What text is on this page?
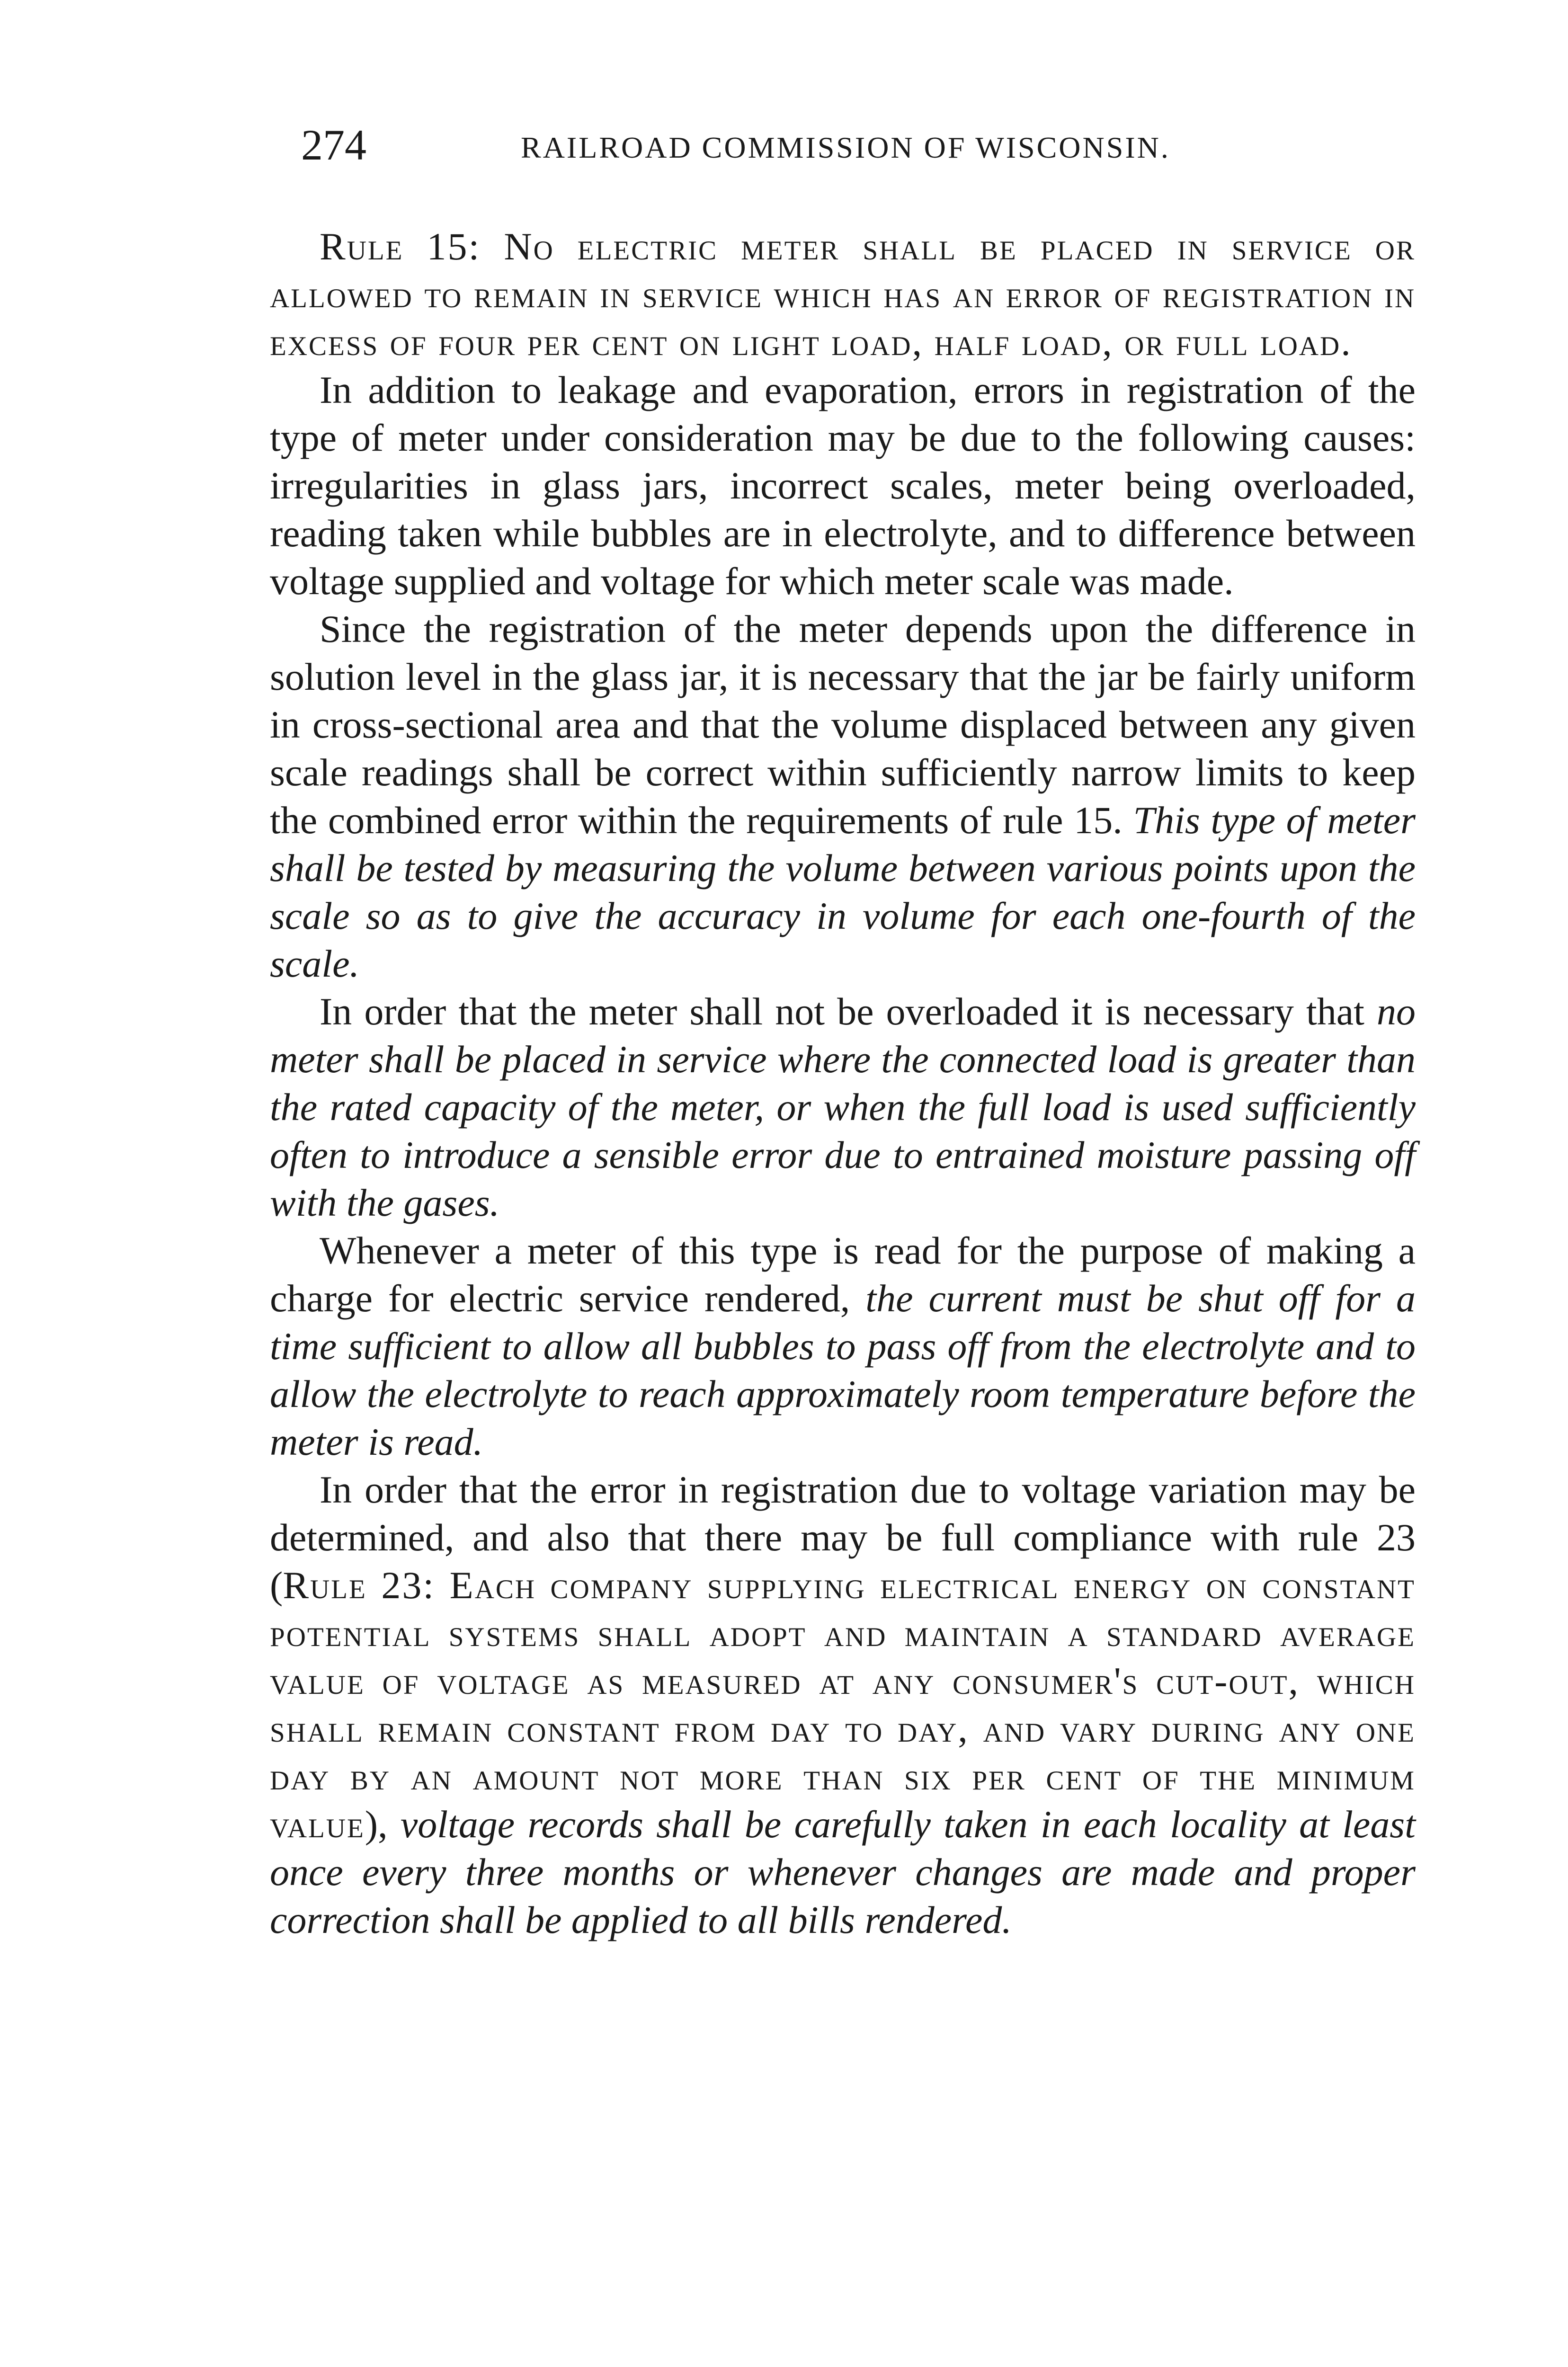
274	RAILROAD COMMISSION OF WISCONSIN.

Rule 15: No electric meter shall be placed in service or allowed to remain in service which has an error of registration in excess of four per cent on light load, half load, or full load.

In addition to leakage and evaporation, errors in registration of the type of meter under consideration may be due to the following causes: irregularities in glass jars, incorrect scales, meter being overloaded, reading taken while bubbles are in electrolyte, and to difference between voltage supplied and voltage for which meter scale was made.

Since the registration of the meter depends upon the difference in solution level in the glass jar, it is necessary that the jar be fairly uniform in cross-sectional area and that the volume displaced between any given scale readings shall be correct within sufficiently narrow limits to keep the combined error within the requirements of rule 15. This type of meter shall be tested by measuring the volume between various points upon the scale so as to give the accuracy in volume for each one-fourth of the scale.

In order that the meter shall not be overloaded it is necessary that no meter shall be placed in service where the connected load is greater than the rated capacity of the meter, or when the full load is used sufficiently often to introduce a sensible error due to entrained moisture passing off with the gases.

Whenever a meter of this type is read for the purpose of making a charge for electric service rendered, the current must be shut off for a time sufficient to allow all bubbles to pass off from the electrolyte and to allow the electrolyte to reach approximately room temperature before the meter is read.

In order that the error in registration due to voltage variation may be determined, and also that there may be full compliance with rule 23 (Rule 23: Each company supplying electrical energy on constant potential systems shall adopt and maintain a standard average value of voltage as measured at any consumer's cut-out, which shall remain constant from day to day, and vary during any one day by an amount not more than six per cent of the minimum value), voltage records shall be carefully taken in each locality at least once every three months or whenever changes are made and proper correction shall be applied to all bills rendered.
